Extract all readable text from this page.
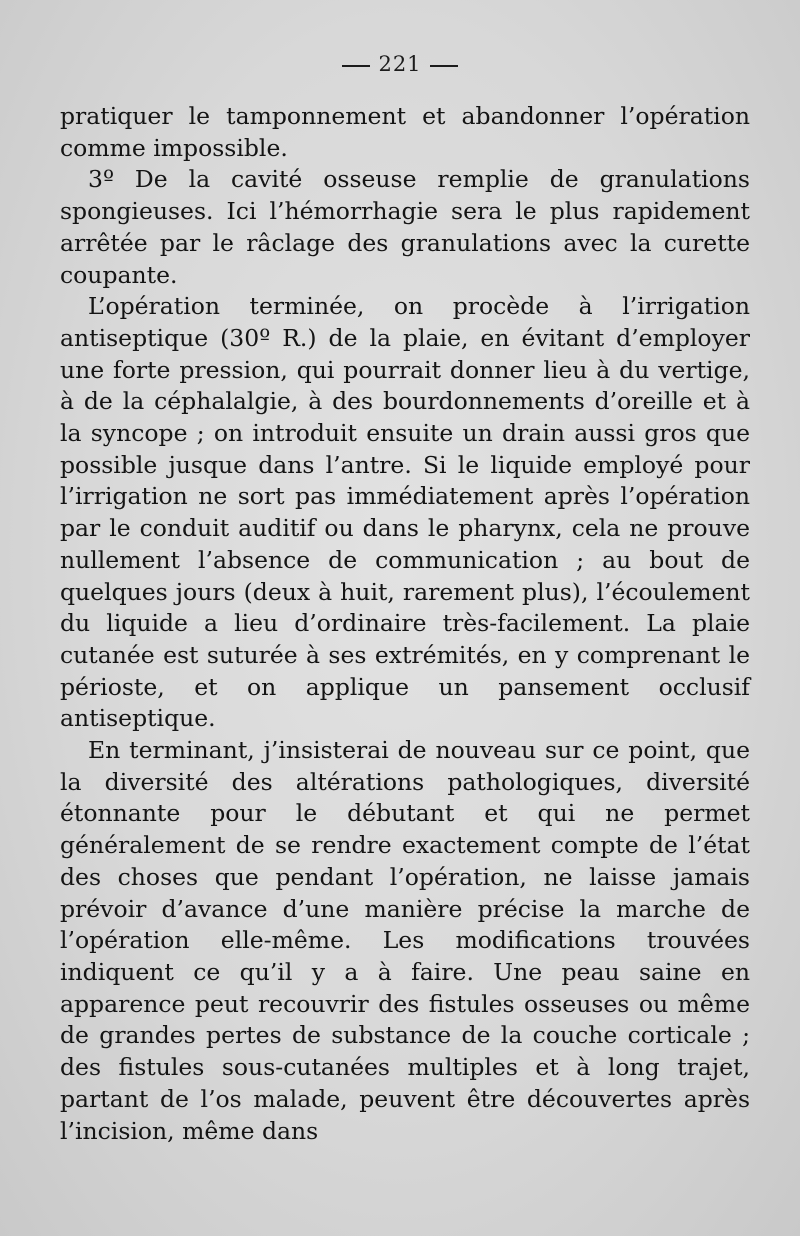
221

pratiquer le tamponnement et abandonner l’opération comme impossible.

3º De la cavité osseuse remplie de granulations spongieuses. Ici l’hémorrhagie sera le plus rapidement arrêtée par le râclage des granulations avec la curette coupante.

L’opération terminée, on procède à l’irrigation antiseptique (30º R.) de la plaie, en évitant d’employer une forte pression, qui pourrait donner lieu à du vertige, à de la céphalalgie, à des bourdonnements d’oreille et à la syncope ; on introduit ensuite un drain aussi gros que possible jusque dans l’antre. Si le liquide employé pour l’irrigation ne sort pas immédiatement après l’opération par le conduit auditif ou dans le pharynx, cela ne prouve nullement l’absence de communication ; au bout de quelques jours (deux à huit, rarement plus), l’écoulement du liquide a lieu d’ordinaire très-facilement. La plaie cutanée est suturée à ses extrémités, en y comprenant le périoste, et on applique un pansement occlusif antiseptique.

En terminant, j’insisterai de nouveau sur ce point, que la diversité des altérations pathologiques, diversité étonnante pour le débutant et qui ne permet généralement de se rendre exactement compte de l’état des choses que pendant l’opération, ne laisse jamais prévoir d’avance d’une manière précise la marche de l’opération elle-même. Les modifications trouvées indiquent ce qu’il y a à faire. Une peau saine en apparence peut recouvrir des fistules osseuses ou même de grandes pertes de substance de la couche corticale ; des fistules sous-cutanées multiples et à long trajet, partant de l’os malade, peuvent être découvertes après l’incision, même dans
